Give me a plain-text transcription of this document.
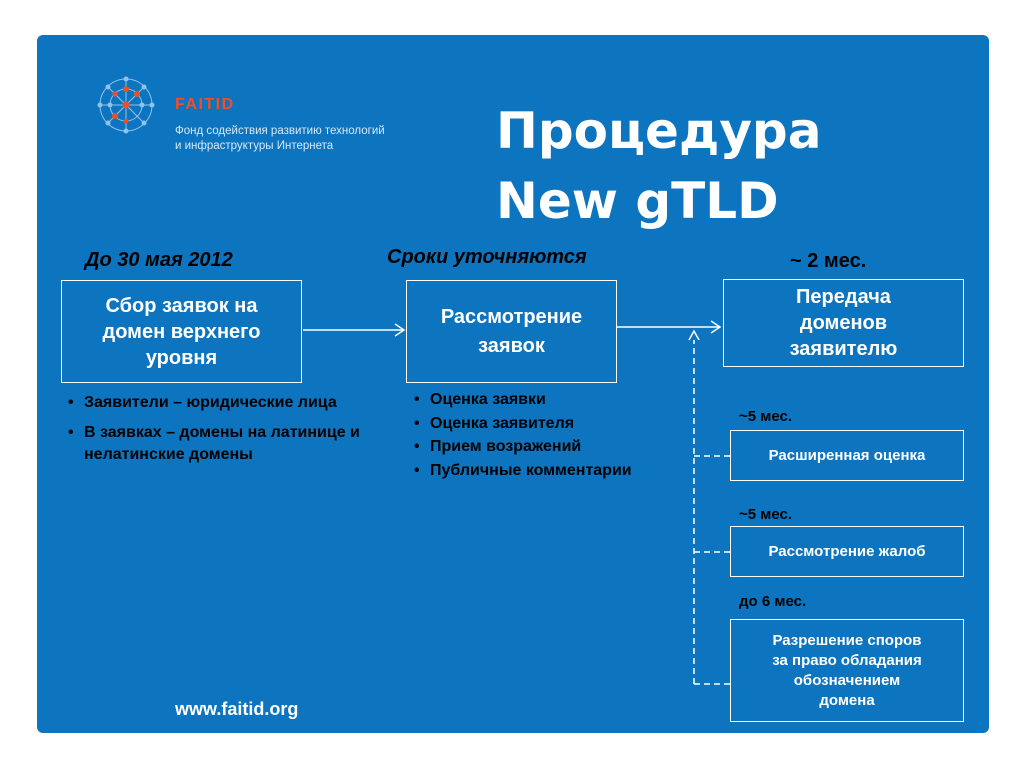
FAITID
Фонд содействия развитию технологий
и инфраструктуры Интернета	Процедура
New gTLD
До 30 мая 2012	Сроки уточняются	~ 2 мес.
Сбор заявок на
домен верхнего
уровня
Рассмотрение
заявок
Передача
доменов
заявителю
• Заявители – юридические лица
• В заявках – домены на латинице и нелатинские домены
• Оценка заявки
• Оценка заявителя
• Прием возражений
• Публичные комментарии
~5 мес.
Расширенная оценка
~5 мес.
Рассмотрение жалоб
до 6 мес.
Разрешение споров
за право обладания
обозначением
домена
www.faitid.org
